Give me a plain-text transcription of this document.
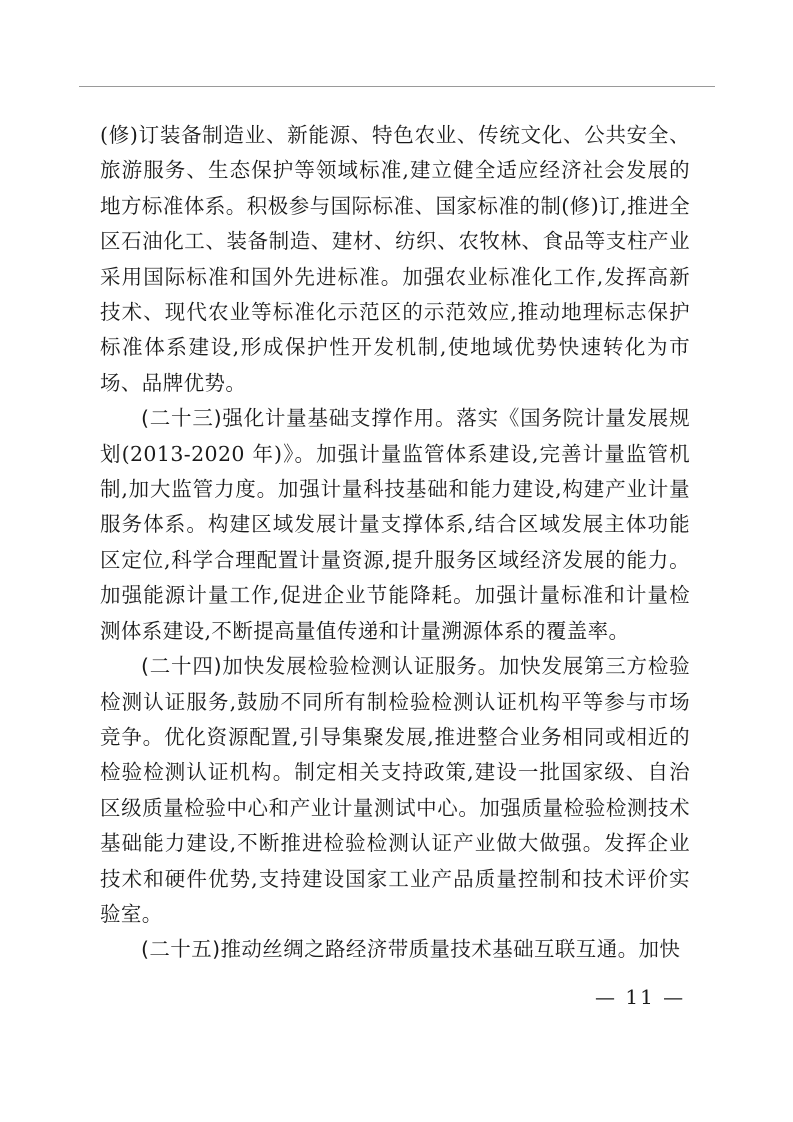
(修)订装备制造业、新能源、特色农业、传统文化、公共安全、旅游服务、生态保护等领域标准,建立健全适应经济社会发展的地方标准体系。积极参与国际标准、国家标准的制(修)订,推进全区石油化工、装备制造、建材、纺织、农牧林、食品等支柱产业采用国际标准和国外先进标准。加强农业标准化工作,发挥高新技术、现代农业等标准化示范区的示范效应,推动地理标志保护标准体系建设,形成保护性开发机制,使地域优势快速转化为市场、品牌优势。

(二十三)强化计量基础支撑作用。落实《国务院计量发展规划(2013-2020 年)》。加强计量监管体系建设,完善计量监管机制,加大监管力度。加强计量科技基础和能力建设,构建产业计量服务体系。构建区域发展计量支撑体系,结合区域发展主体功能区定位,科学合理配置计量资源,提升服务区域经济发展的能力。加强能源计量工作,促进企业节能降耗。加强计量标准和计量检测体系建设,不断提高量值传递和计量溯源体系的覆盖率。

(二十四)加快发展检验检测认证服务。加快发展第三方检验检测认证服务,鼓励不同所有制检验检测认证机构平等参与市场竞争。优化资源配置,引导集聚发展,推进整合业务相同或相近的检验检测认证机构。制定相关支持政策,建设一批国家级、自治区级质量检验中心和产业计量测试中心。加强质量检验检测技术基础能力建设,不断推进检验检测认证产业做大做强。发挥企业技术和硬件优势,支持建设国家工业产品质量控制和技术评价实验室。

(二十五)推动丝绸之路经济带质量技术基础互联互通。加快

— 11 —
